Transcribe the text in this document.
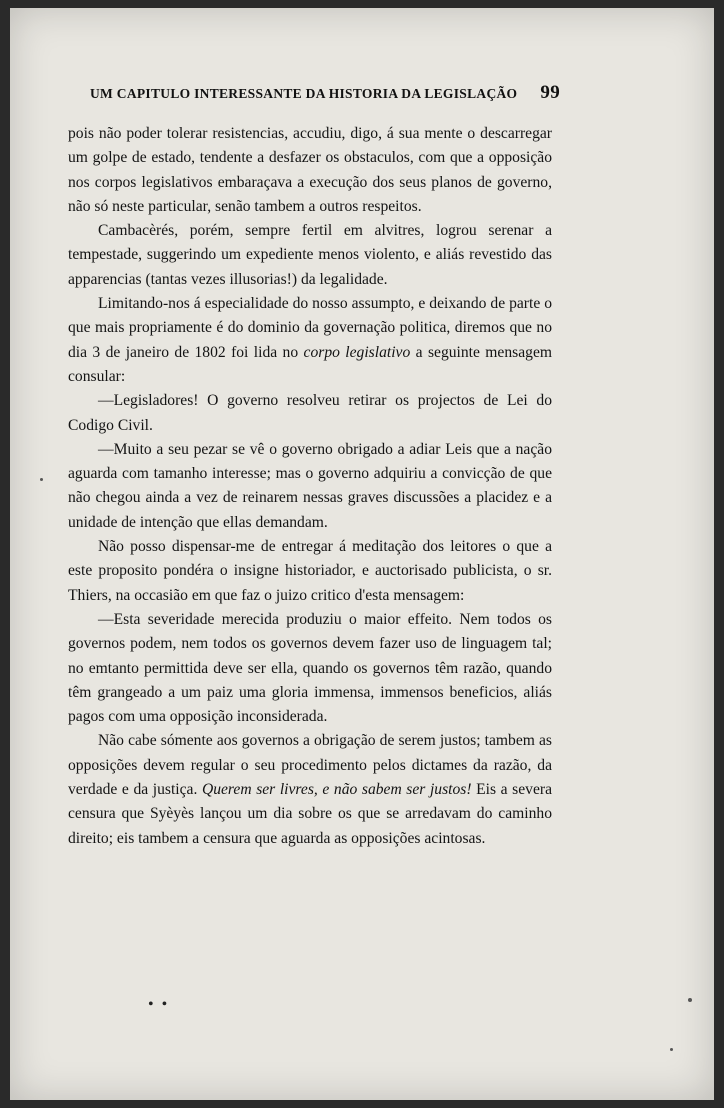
UM CAPITULO INTERESSANTE DA HISTORIA DA LEGISLAÇÃO 99

pois não poder tolerar resistencias, accudiu, digo, á sua mente o descarregar um golpe de estado, tendente a desfazer os obstaculos, com que a opposição nos corpos legislativos embaraçava a execução dos seus planos de governo, não só neste particular, senão tambem a outros respeitos.

Cambacèrés, porém, sempre fertil em alvitres, logrou serenar a tempestade, suggerindo um expediente menos violento, e aliás revestido das apparencias (tantas vezes illusorias!) da legalidade.

Limitando-nos á especialidade do nosso assumpto, e deixando de parte o que mais propriamente é do dominio da governação politica, diremos que no dia 3 de janeiro de 1802 foi lida no corpo legislativo a seguinte mensagem consular:

—Legisladores! O governo resolveu retirar os projectos de Lei do Codigo Civil.

—Muito a seu pezar se vê o governo obrigado a adiar Leis que a nação aguarda com tamanho interesse; mas o governo adquiriu a convicção de que não chegou ainda a vez de reinarem nessas graves discussões a placidez e a unidade de intenção que ellas demandam.

Não posso dispensar-me de entregar á meditação dos leitores o que a este proposito pondéra o insigne historiador, e auctorisado publicista, o sr. Thiers, na occasião em que faz o juizo critico d'esta mensagem:

—Esta severidade merecida produziu o maior effeito. Nem todos os governos podem, nem todos os governos devem fazer uso de linguagem tal; no emtanto permittida deve ser ella, quando os governos têm razão, quando têm grangeado a um paiz uma gloria immensa, immensos beneficios, aliás pagos com uma opposição inconsiderada.

Não cabe sómente aos governos a obrigação de serem justos; tambem as opposições devem regular o seu procedimento pelos dictames da razão, da verdade e da justiça. Querem ser livres, e não sabem ser justos! Eis a severa censura que Syèyès lançou um dia sobre os que se arredavam do caminho direito; eis tambem a censura que aguarda as opposições acintosas.

• •
